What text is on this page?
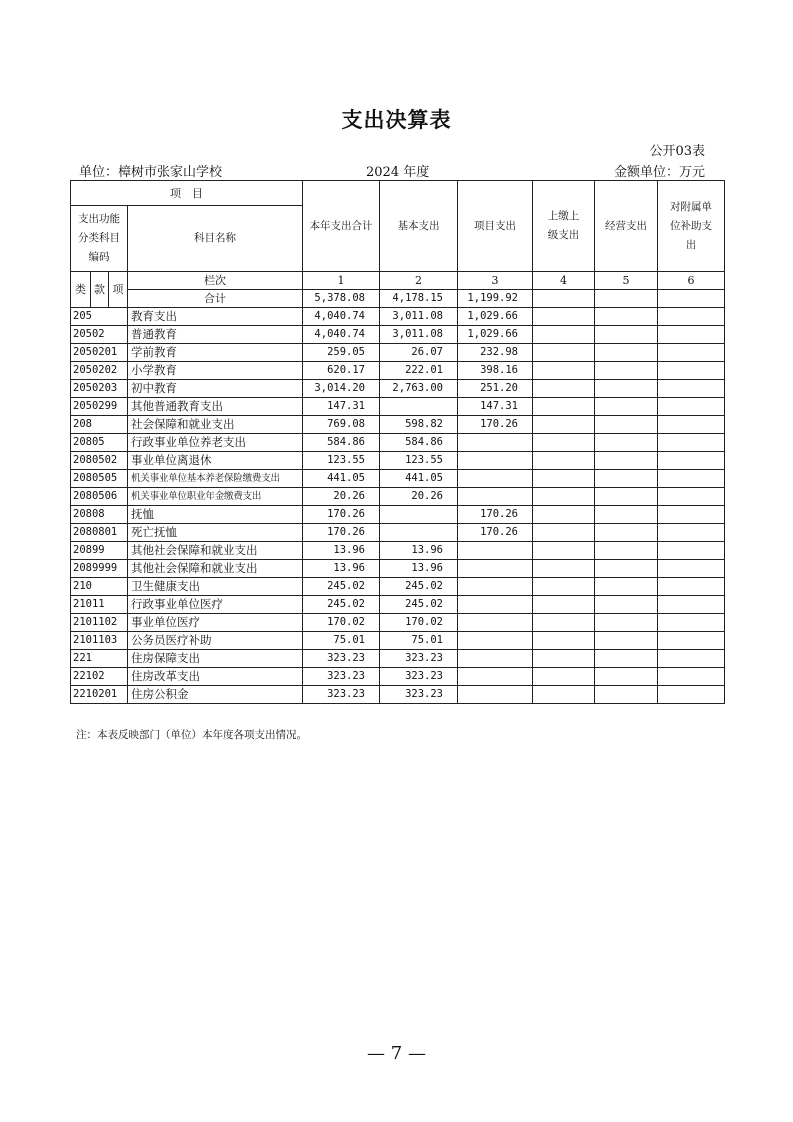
支出决算表
公开03表
单位：樟树市张家山学校	2024 年度	金额单位：万元
项　目				本年支出合计	基本支出	项目支出	上缴上级支出	经营支出	对附属单位补助支出
支出功能分类科目编码			科目名称						
类	款	项	栏次	1	2	3	4	5	6
			合计	5,378.08	4,178.15	1,199.92			
205			教育支出	4,040.74	3,011.08	1,029.66			
20502			普通教育	4,040.74	3,011.08	1,029.66			
2050201			学前教育	259.05	26.07	232.98			
2050202			小学教育	620.17	222.01	398.16			
2050203			初中教育	3,014.20	2,763.00	251.20			
2050299			其他普通教育支出	147.31		147.31			
208			社会保障和就业支出	769.08	598.82	170.26			
20805			行政事业单位养老支出	584.86	584.86				
2080502			事业单位离退休	123.55	123.55				
2080505			机关事业单位基本养老保险缴费支出	441.05	441.05				
2080506			机关事业单位职业年金缴费支出	20.26	20.26				
20808			抚恤	170.26		170.26			
2080801			死亡抚恤	170.26		170.26			
20899			其他社会保障和就业支出	13.96	13.96				
2089999			其他社会保障和就业支出	13.96	13.96				
210			卫生健康支出	245.02	245.02				
21011			行政事业单位医疗	245.02	245.02				
2101102			事业单位医疗	170.02	170.02				
2101103			公务员医疗补助	75.01	75.01				
221			住房保障支出	323.23	323.23				
22102			住房改革支出	323.23	323.23				
2210201			住房公积金	323.23	323.23				
注：本表反映部门（单位）本年度各项支出情况。
— 7 —
